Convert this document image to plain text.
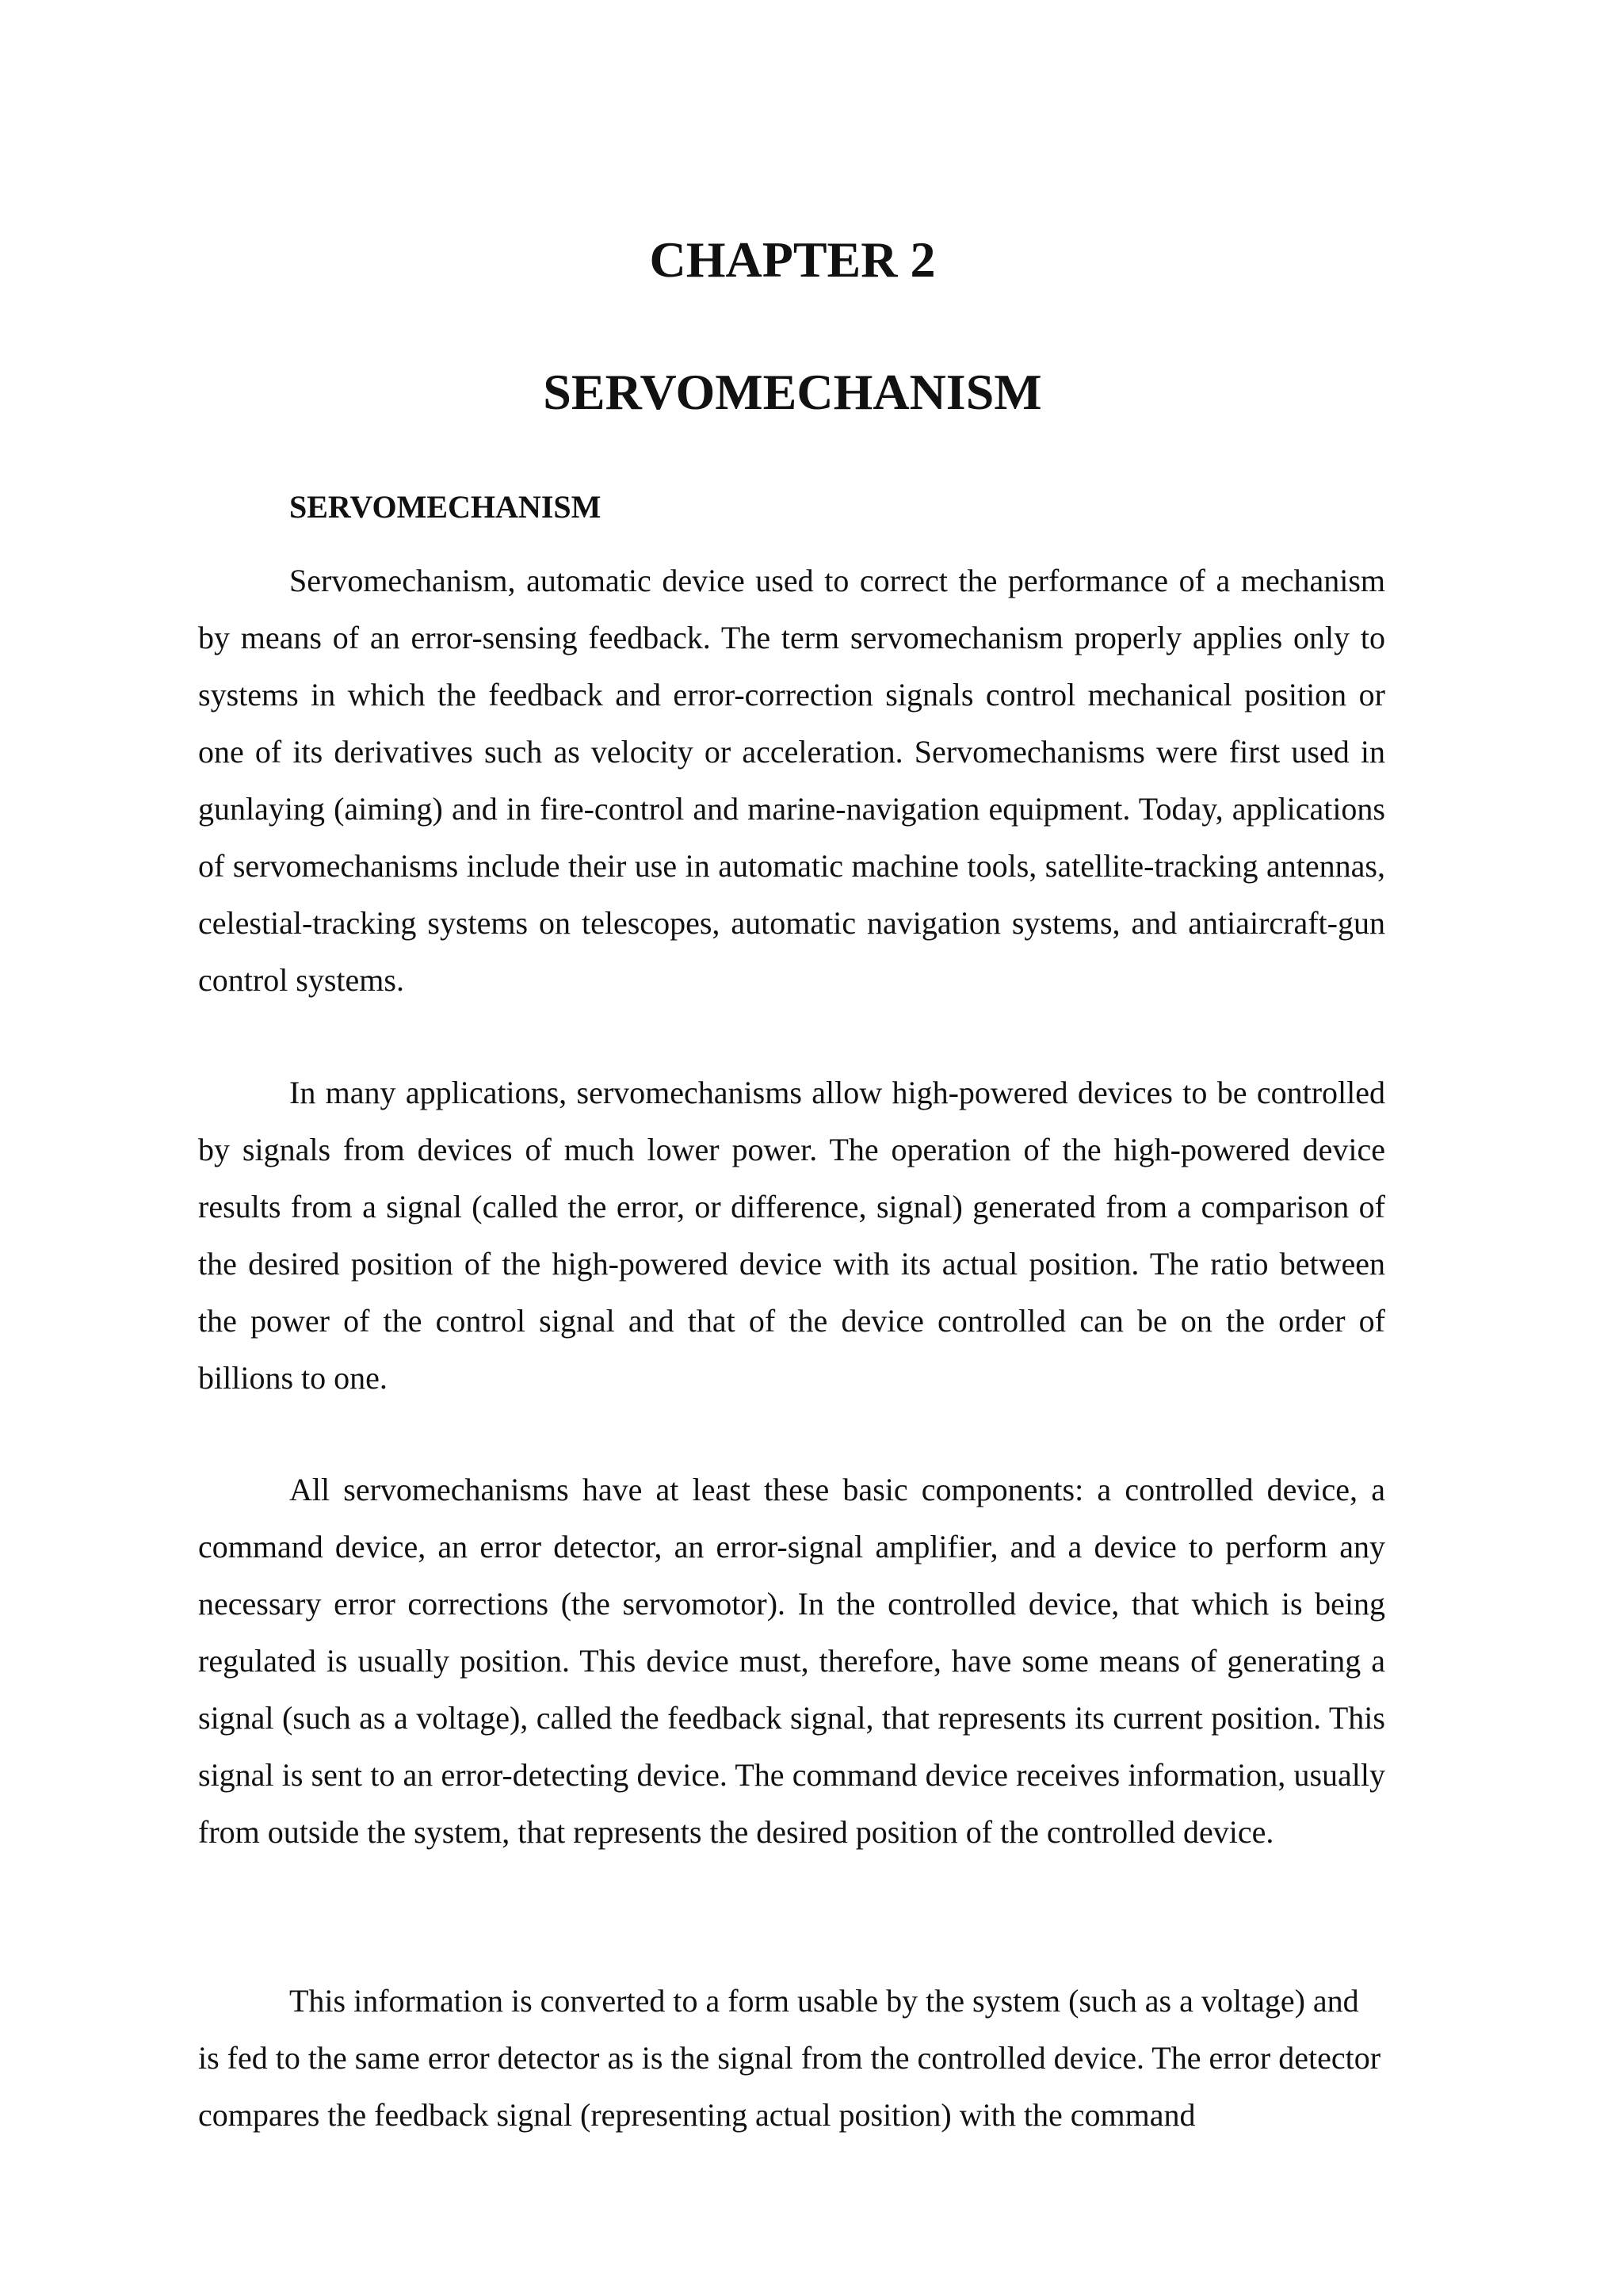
CHAPTER 2
SERVOMECHANISM
SERVOMECHANISM

Servomechanism, automatic device used to correct the performance of a mechanism by means of an error-sensing feedback. The term servomechanism properly applies only to systems in which the feedback and error-correction signals control mechanical position or one of its derivatives such as velocity or acceleration. Servomechanisms were first used in gunlaying (aiming) and in fire-control and marine-navigation equipment. Today, applications of servomechanisms include their use in automatic machine tools, satellite-tracking antennas, celestial-tracking systems on telescopes, automatic navigation systems, and antiaircraft-gun control systems.

In many applications, servomechanisms allow high-powered devices to be controlled by signals from devices of much lower power. The operation of the high-powered device results from a signal (called the error, or difference, signal) generated from a comparison of the desired position of the high-powered device with its actual position. The ratio between the power of the control signal and that of the device controlled can be on the order of billions to one.

All servomechanisms have at least these basic components: a controlled device, a command device, an error detector, an error-signal amplifier, and a device to perform any necessary error corrections (the servomotor). In the controlled device, that which is being regulated is usually position. This device must, therefore, have some means of generating a signal (such as a voltage), called the feedback signal, that represents its current position. This signal is sent to an error-detecting device. The command device receives information, usually from outside the system, that represents the desired position of the controlled device.

This information is converted to a form usable by the system (such as a voltage) and is fed to the same error detector as is the signal from the controlled device. The error detector compares the feedback signal (representing actual position) with the command
